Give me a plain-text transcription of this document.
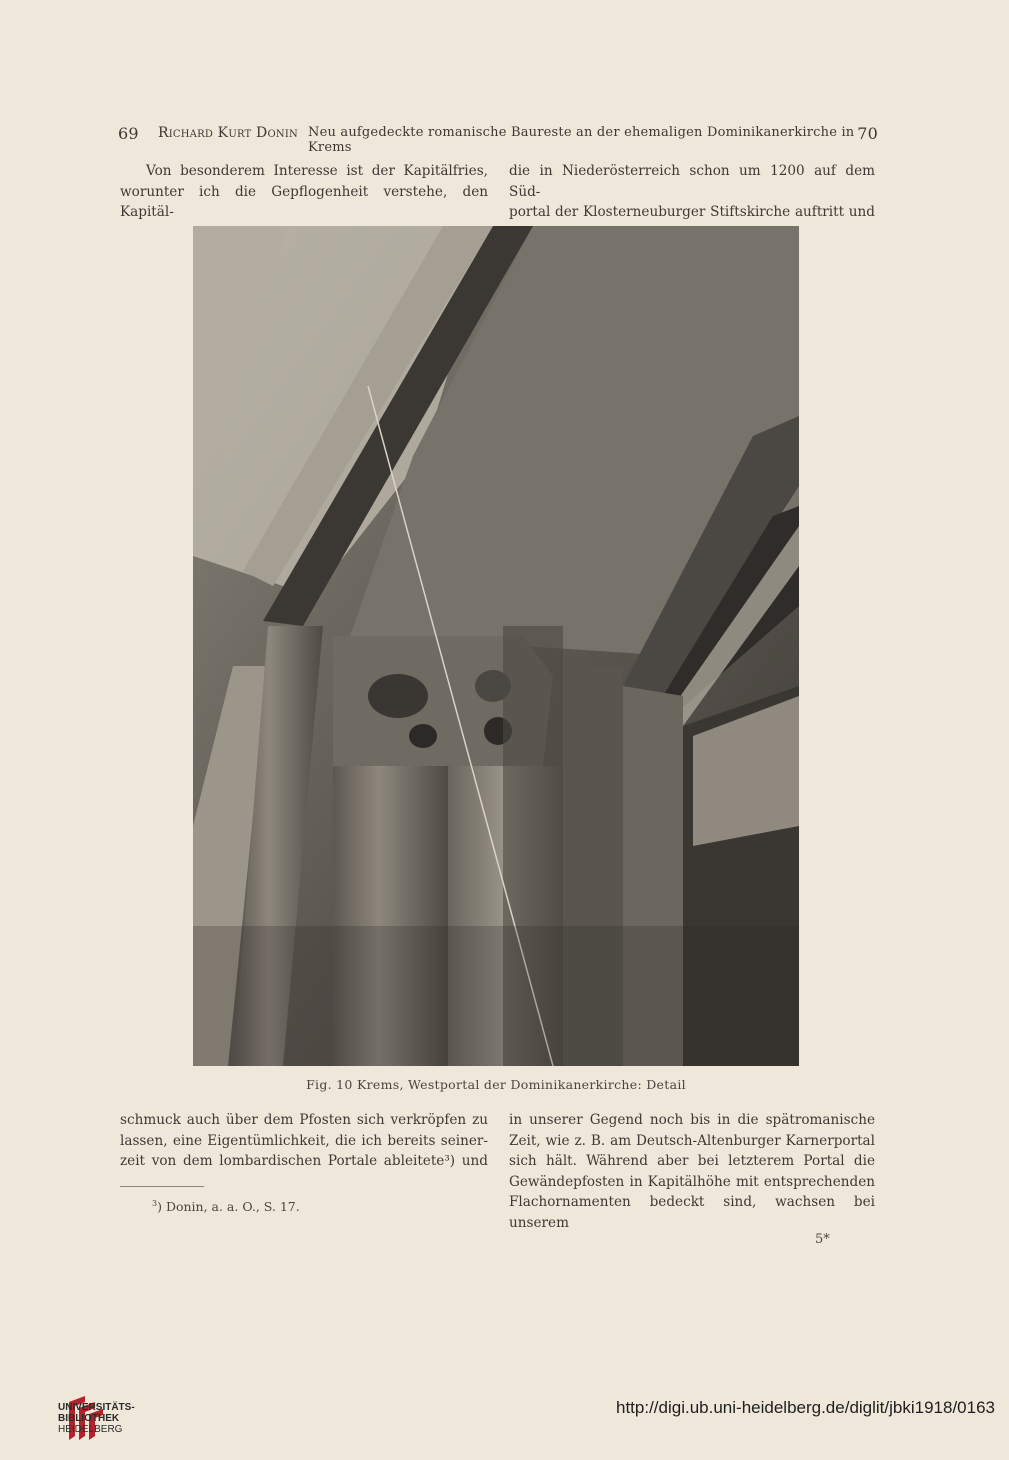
69 Richard Kurt Donin Neu aufgedeckte romanische Baureste an der ehemaligen Dominikanerkirche in Krems
70

Von besonderem Interesse ist der Kapitälfries,

worunter ich die Gepflogenheit verstehe, den Kapitäl-

die in Niederösterreich schon um 1200 auf dem Süd-

portal der Klosterneuburger Stiftskirche auftritt und

Fig. 10 Krems, Westportal der Dominikanerkirche: Detail

schmuck auch über dem Pfosten sich verkröpfen zu

lassen, eine Eigentümlichkeit, die ich bereits seiner-

zeit von dem lombardischen Portale ableitete³) und

in unserer Gegend noch bis in die spätromanische

Zeit, wie z. B. am Deutsch-Altenburger Karnerportal

sich hält. Während aber bei letzterem Portal die

Gewändepfosten in Kapitälhöhe mit entsprechenden

Flachornamenten bedeckt sind, wachsen bei unserem

$^3$) Donin, a. a. O., S. 17.
5*
UNIVERSITÄTS-
BIBLIOTHEK
HEIDELBERG
http://digi.ub.uni-heidelberg.de/diglit/jbki1918/0163
